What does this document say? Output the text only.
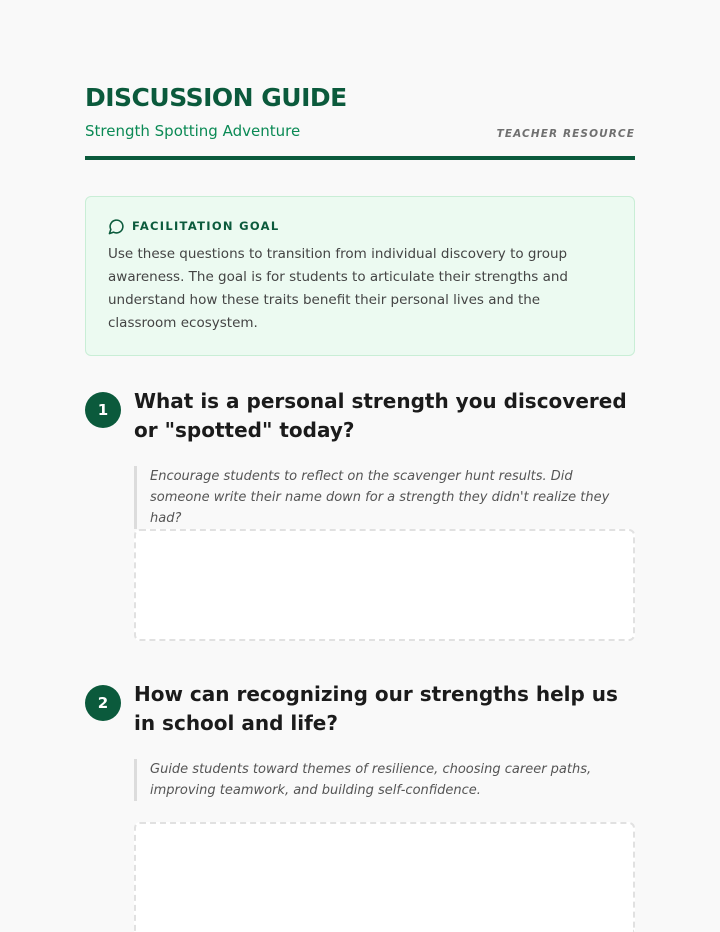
DISCUSSION GUIDE
Strength Spotting Adventure	TEACHER RESOURCE
FACILITATION GOAL

Use these questions to transition from individual discovery to group awareness. The goal is for students to articulate their strengths and understand how these traits benefit their personal lives and the classroom ecosystem.

1	What is a personal strength you discovered or "spotted" today?
Encourage students to reflect on the scavenger hunt results. Did someone write their name down for a strength they didn't realize they had?
2	How can recognizing our strengths help us in school and life?
Guide students toward themes of resilience, choosing career paths, improving teamwork, and building self-confidence.
